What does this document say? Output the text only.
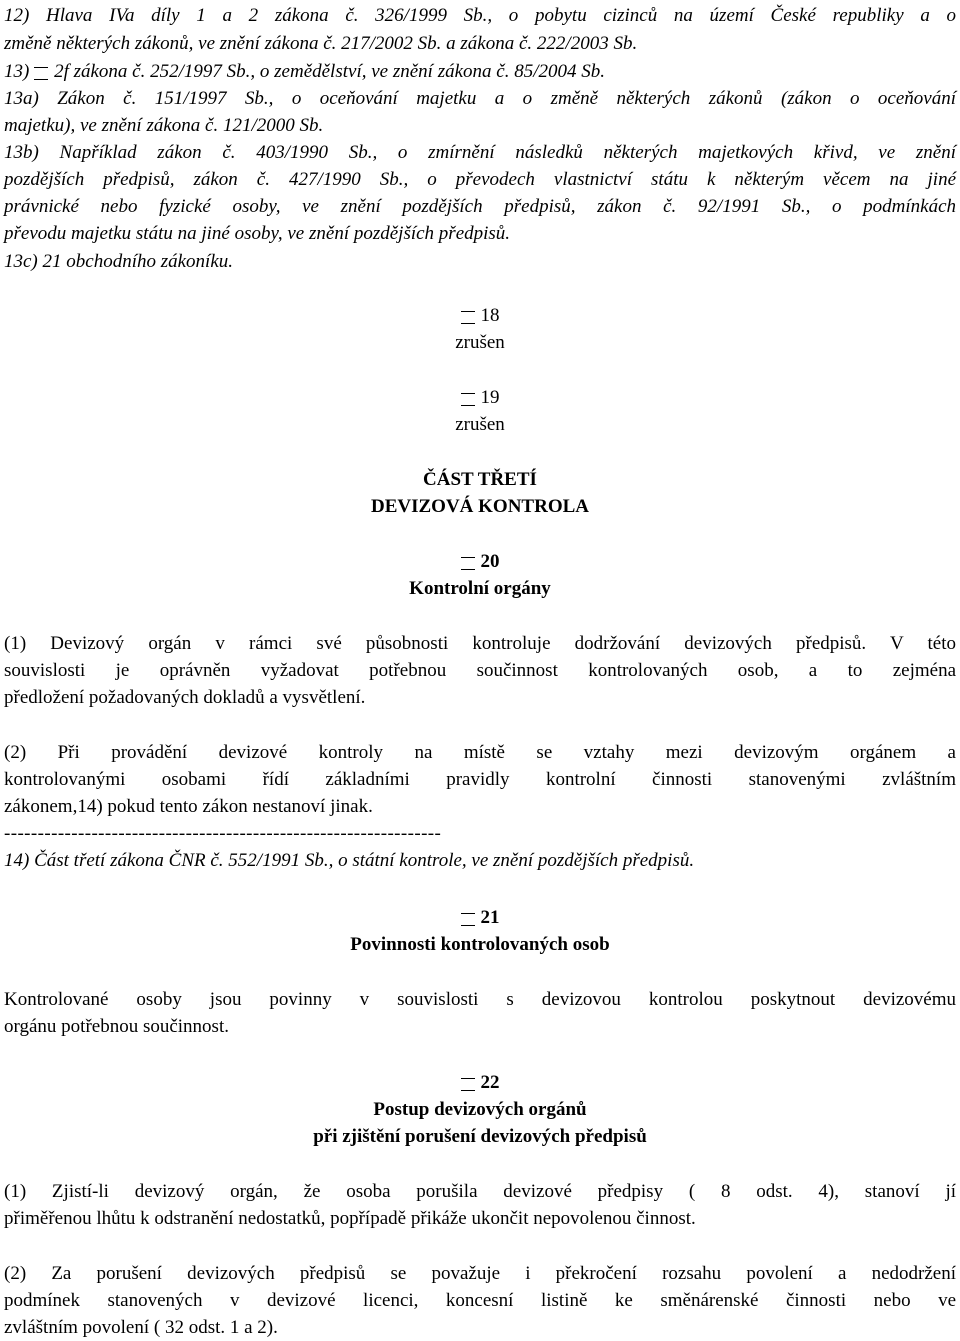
12) Hlava IVa díly 1 a 2 zákona č. 326/1999 Sb., o pobytu cizinců na území České republiky a o
změně některých zákonů, ve znění zákona č. 217/2002 Sb. a zákona č. 222/2003 Sb.
13) 2f zákona č. 252/1997 Sb., o zemědělství, ve znění zákona č. 85/2004 Sb.
13a) Zákon č. 151/1997 Sb., o oceňování majetku a o změně některých zákonů (zákon o oceňování
majetku), ve znění zákona č. 121/2000 Sb.
13b) Například zákon č. 403/1990 Sb., o zmírnění následků některých majetkových křivd, ve znění
pozdějších předpisů, zákon č. 427/1990 Sb., o převodech vlastnictví státu k některým věcem na jiné
právnické nebo fyzické osoby, ve znění pozdějších předpisů, zákon č. 92/1991 Sb., o podmínkách
převodu majetku státu na jiné osoby, ve znění pozdějších předpisů.
13c) 21 obchodního zákoníku.
18
zrušen
19
zrušen
ČÁST TŘETÍ
DEVIZOVÁ KONTROLA
20
Kontrolní orgány
(1) Devizový orgán v rámci své působnosti kontroluje dodržování devizových předpisů. V této
souvislosti je oprávněn vyžadovat potřebnou součinnost kontrolovaných osob, a to zejména
předložení požadovaných dokladů a vysvětlení.
(2) Při provádění devizové kontroly na místě se vztahy mezi devizovým orgánem a
kontrolovanými osobami řídí základními pravidly kontrolní činnosti stanovenými zvláštním
zákonem,14) pokud tento zákon nestanoví jinak.
-----------------------------------------------------------------
14) Část třetí zákona ČNR č. 552/1991 Sb., o státní kontrole, ve znění pozdějších předpisů.
21
Povinnosti kontrolovaných osob
Kontrolované osoby jsou povinny v souvislosti s devizovou kontrolou poskytnout devizovému
orgánu potřebnou součinnost.
22
Postup devizových orgánů
při zjištění porušení devizových předpisů
(1) Zjistí-li devizový orgán, že osoba porušila devizové předpisy ( 8 odst. 4), stanoví jí
přiměřenou lhůtu k odstranění nedostatků, popřípadě přikáže ukončit nepovolenou činnost.
(2) Za porušení devizových předpisů se považuje i překročení rozsahu povolení a nedodržení
podmínek stanovených v devizové licenci, koncesní listině ke směnárenské činnosti nebo ve
zvláštním povolení ( 32 odst. 1 a 2).
